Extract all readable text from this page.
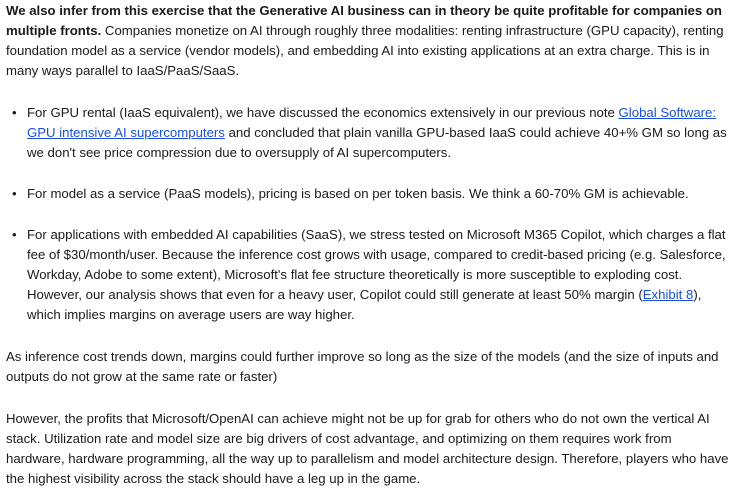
We also infer from this exercise that the Generative AI business can in theory be quite profitable for companies on multiple fronts. Companies monetize on AI through roughly three modalities: renting infrastructure (GPU capacity), renting foundation model as a service (vendor models), and embedding AI into existing applications at an extra charge. This is in many ways parallel to IaaS/PaaS/SaaS.

• For GPU rental (IaaS equivalent), we have discussed the economics extensively in our previous note Global Software: GPU intensive AI supercomputers and concluded that plain vanilla GPU-based IaaS could achieve 40+% GM so long as we don't see price compression due to oversupply of AI supercomputers.
• For model as a service (PaaS models), pricing is based on per token basis. We think a 60-70% GM is achievable.
• For applications with embedded AI capabilities (SaaS), we stress tested on Microsoft M365 Copilot, which charges a flat fee of $30/month/user. Because the inference cost grows with usage, compared to credit-based pricing (e.g. Salesforce, Workday, Adobe to some extent), Microsoft's flat fee structure theoretically is more susceptible to exploding cost. However, our analysis shows that even for a heavy user, Copilot could still generate at least 50% margin (Exhibit 8), which implies margins on average users are way higher.

As inference cost trends down, margins could further improve so long as the size of the models (and the size of inputs and outputs do not grow at the same rate or faster)

However, the profits that Microsoft/OpenAI can achieve might not be up for grab for others who do not own the vertical AI stack. Utilization rate and model size are big drivers of cost advantage, and optimizing on them requires work from hardware, hardware programming, all the way up to parallelism and model architecture design. Therefore, players who have the highest visibility across the stack should have a leg up in the game.
